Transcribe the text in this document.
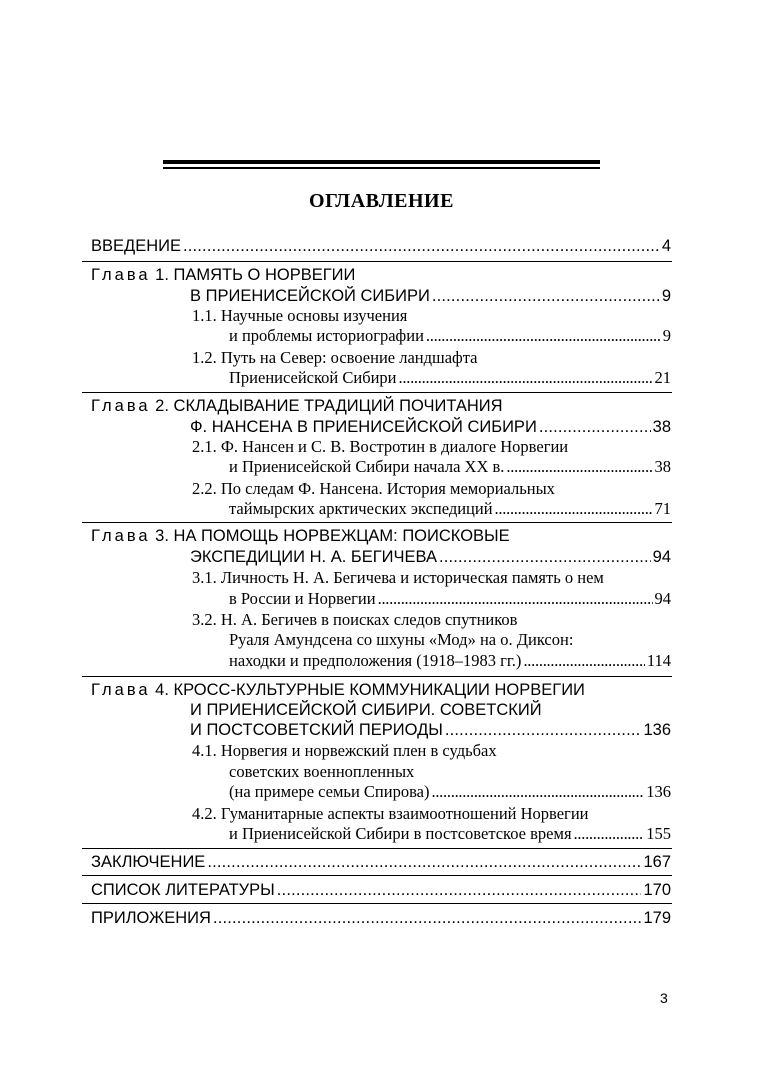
ОГЛАВЛЕНИЕ
ВВЕДЕНИЕ . . .	4
Глава 1. ПАМЯТЬ О НОРВЕГИИ
В ПРИЕНИСЕЙСКОЙ СИБИРИ . . .	9
1.1. Научные основы изучения
и проблемы историографии . . .	9
1.2. Путь на Север: освоение ландшафта
Приенисейской Сибири . . .	21
Глава 2. СКЛАДЫВАНИЕ ТРАДИЦИЙ ПОЧИТАНИЯ
Ф. НАНСЕНА В ПРИЕНИСЕЙСКОЙ СИБИРИ . . .	38
2.1. Ф. Нансен и С. В. Востротин в диалоге Норвегии
и Приенисейской Сибири начала ХХ в. . . .	38
2.2. По следам Ф. Нансена. История мемориальных
таймырских арктических экспедиций . . .	71
Глава 3. НА ПОМОЩЬ НОРВЕЖЦАМ: ПОИСКОВЫЕ
ЭКСПЕДИЦИИ Н. А. БЕГИЧЕВА . . .	94
3.1. Личность Н. А. Бегичева и историческая память о нем
в России и Норвегии . . .	94
3.2. Н. А. Бегичев в поисках следов спутников
Руаля Амундсена со шхуны «Мод» на о. Диксон:
находки и предположения (1918–1983 гг.) . . .	114
Глава 4. КРОСС-КУЛЬТУРНЫЕ КОММУНИКАЦИИ НОРВЕГИИ
И ПРИЕНИСЕЙСКОЙ СИБИРИ. СОВЕТСКИЙ
И ПОСТСОВЕТСКИЙ ПЕРИОДЫ . . .	136
4.1. Норвегия и норвежский плен в судьбах
советских военнопленных
(на примере семьи Спирова) . . .	136
4.2. Гуманитарные аспекты взаимоотношений Норвегии
и Приенисейской Сибири в постсоветское время . . .	155
ЗАКЛЮЧЕНИЕ . . .	167
СПИСОК ЛИТЕРАТУРЫ . . .	170
ПРИЛОЖЕНИЯ . . .	179
3
